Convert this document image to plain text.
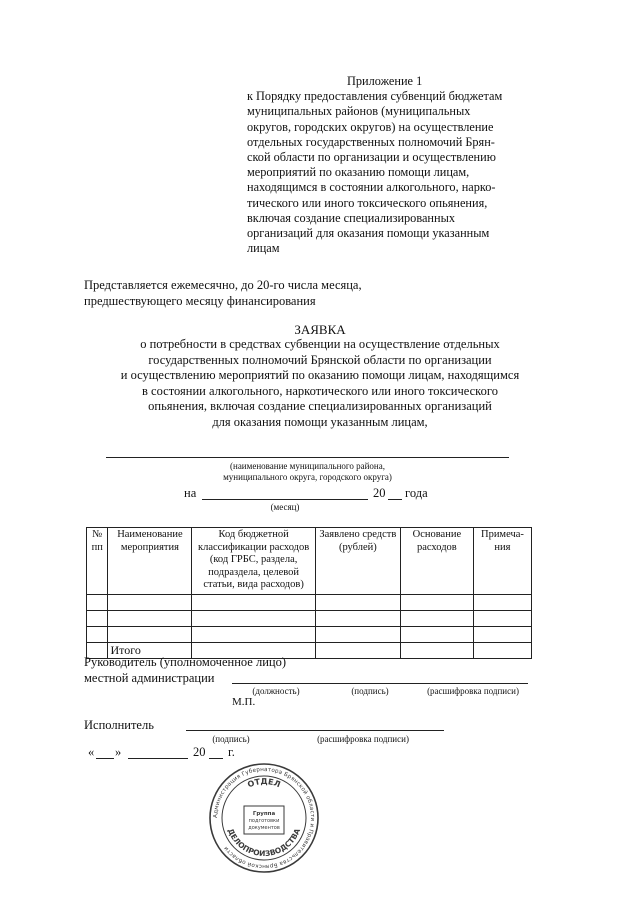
Приложение 1
к Порядку предоставления субвенций бюджетам
муниципальных районов (муниципальных
округов, городских округов) на осуществление
отдельных государственных полномочий Брян-
ской области по организации и осуществлению
мероприятий по оказанию помощи лицам,
находящимся в состоянии алкогольного, нарко-
тического или иного токсического опьянения,
включая создание специализированных
организаций для оказания помощи указанным
лицам
Представляется ежемесячно, до 20-го числа месяца,
предшествующего месяцу финансирования
ЗАЯВКА
о потребности в средствах субвенции на осуществление отдельных
государственных полномочий Брянской области по организации
и осуществлению мероприятий по оказанию помощи лицам, находящимся
в состоянии алкогольного, наркотического или иного токсического
опьянения, включая создание специализированных организаций
для оказания помощи указанным лицам,
(наименование муниципального района,
муниципального округа, городского округа)
на	20 года
(месяц)
№ пп	Наименование мероприятия	Код бюджетной классификации расходов (код ГРБС, раздела, подраздела, целевой статьи, вида расходов)	Заявлено средств (рублей)	Основание расходов	Примеча-ния

	Итого				
Руководитель (уполномоченное лицо)
местной администрации
(должность)	(подпись)	(расшифровка подписи)
М.П.
Исполнитель
(подпись)	(расшифровка подписи)
« »	20 г.
Администрация Губернатора Брянской области и Правительства Брянской области
ОТДЕЛ
ДЕЛОПРОИЗВОДСТВА
Группа
подготовки
документов
